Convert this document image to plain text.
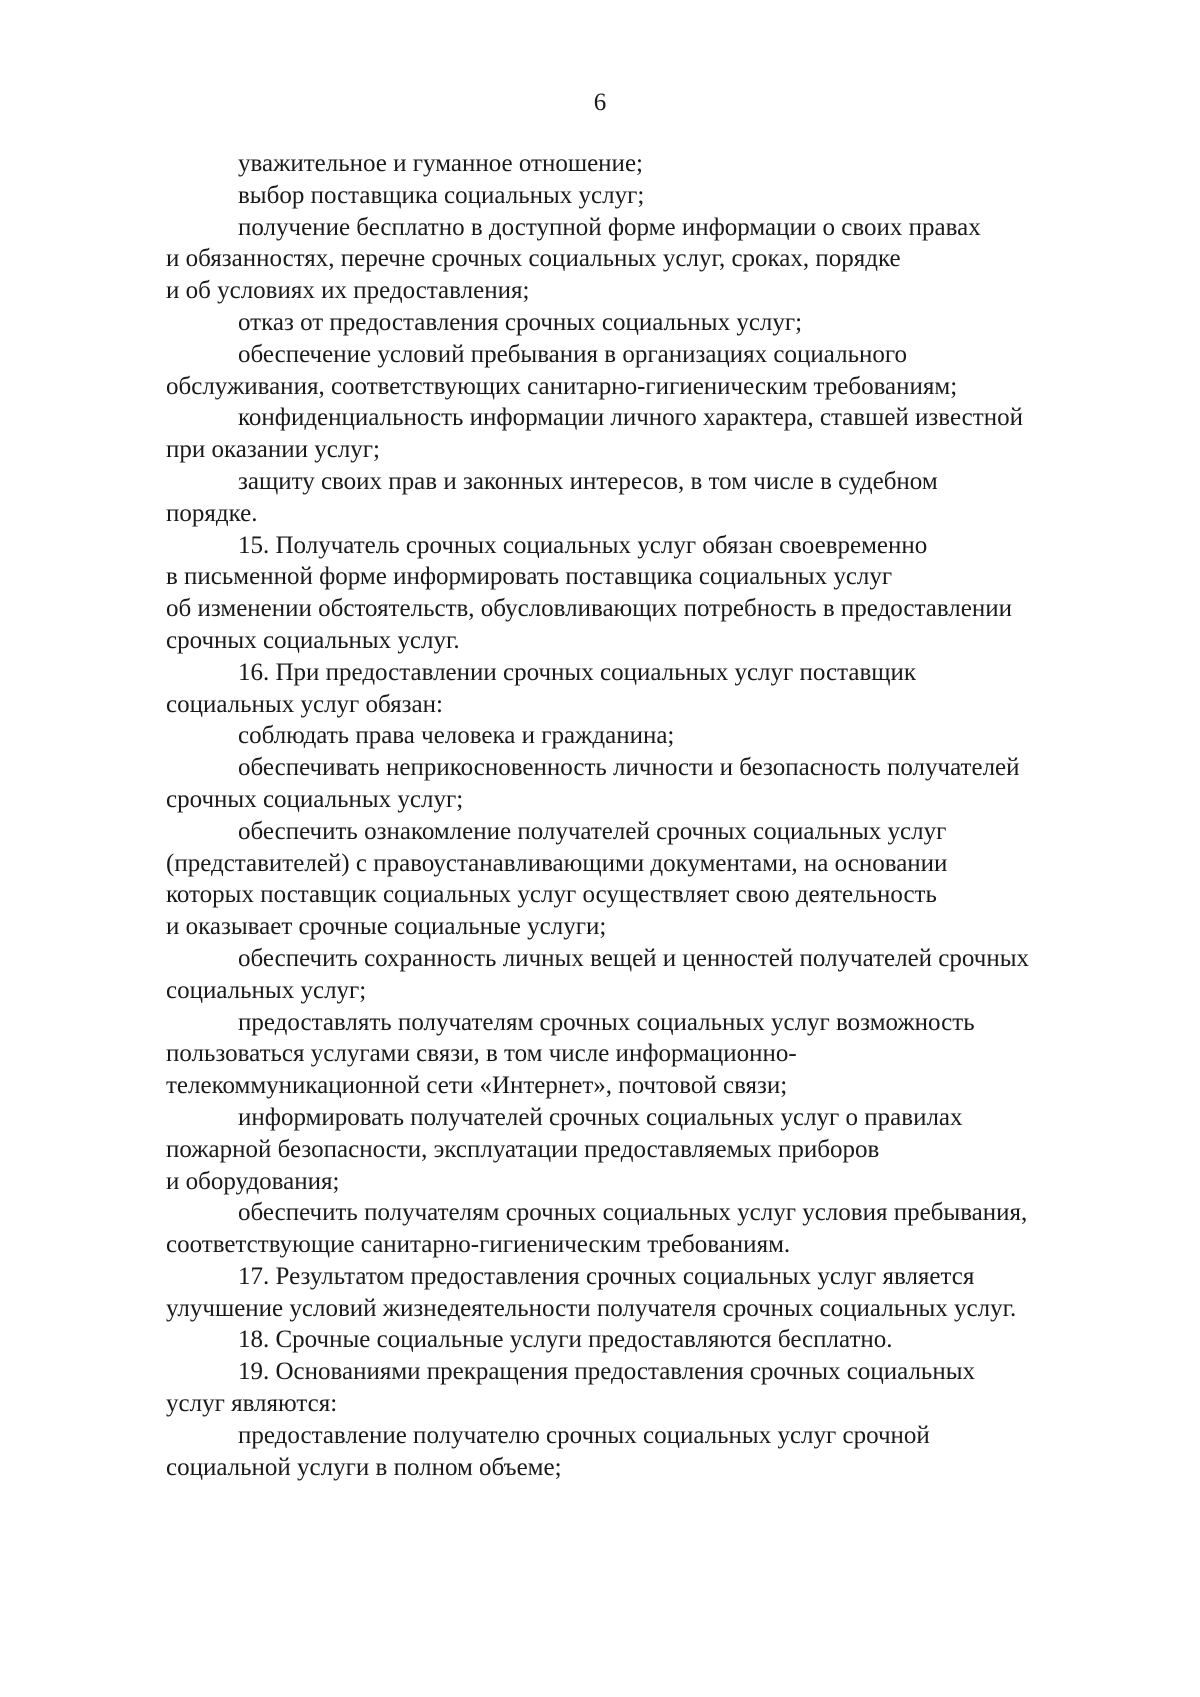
6

уважительное и гуманное отношение;

выбор поставщика социальных услуг;

получение бесплатно в доступной форме информации о своих правах
и обязанностях, перечне срочных социальных услуг, сроках, порядке
и об условиях их предоставления;

отказ от предоставления срочных социальных услуг;

обеспечение условий пребывания в организациях социального
обслуживания, соответствующих санитарно-гигиеническим требованиям;

конфиденциальность информации личного характера, ставшей известной
при оказании услуг;

защиту своих прав и законных интересов, в том числе в судебном
порядке.

15. Получатель срочных социальных услуг обязан своевременно
в письменной форме информировать поставщика социальных услуг
об изменении обстоятельств, обусловливающих потребность в предоставлении
срочных социальных услуг.

16. При предоставлении срочных социальных услуг поставщик
социальных услуг обязан:

соблюдать права человека и гражданина;

обеспечивать неприкосновенность личности и безопасность получателей
срочных социальных услуг;

обеспечить ознакомление получателей срочных социальных услуг
(представителей) с правоустанавливающими документами, на основании
которых поставщик социальных услуг осуществляет свою деятельность
и оказывает срочные социальные услуги;

обеспечить сохранность личных вещей и ценностей получателей срочных
социальных услуг;

предоставлять получателям срочных социальных услуг возможность
пользоваться услугами связи, в том числе информационно-
телекоммуникационной сети «Интернет», почтовой связи;

информировать получателей срочных социальных услуг о правилах
пожарной безопасности, эксплуатации предоставляемых приборов
и оборудования;

обеспечить получателям срочных социальных услуг условия пребывания,
соответствующие санитарно-гигиеническим требованиям.

17. Результатом предоставления срочных социальных услуг является
улучшение условий жизнедеятельности получателя срочных социальных услуг.

18. Срочные социальные услуги предоставляются бесплатно.

19. Основаниями прекращения предоставления срочных социальных
услуг являются:

предоставление получателю срочных социальных услуг срочной
социальной услуги в полном объеме;
